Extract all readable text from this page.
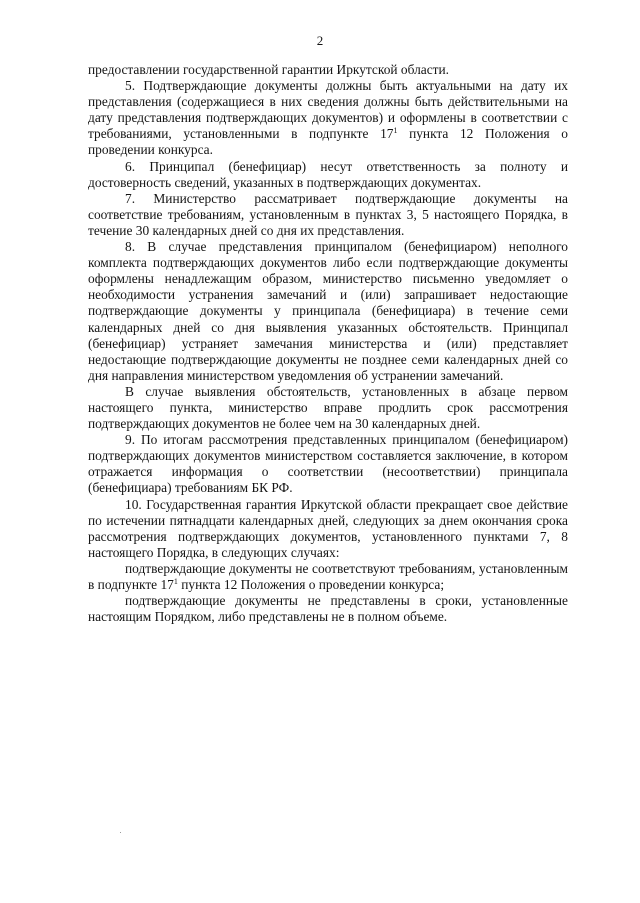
2

предоставлении государственной гарантии Иркутской области.

5. Подтверждающие документы должны быть актуальными на дату их представления (содержащиеся в них сведения должны быть действительными на дату представления подтверждающих документов) и оформлены в соответствии с требованиями, установленными в подпункте $17^1$ пункта 12 Положения о проведении конкурса.

6. Принципал (бенефициар) несут ответственность за полноту и достоверность сведений, указанных в подтверждающих документах.

7. Министерство рассматривает подтверждающие документы на соответствие требованиям, установленным в пунктах 3, 5 настоящего Порядка, в течение 30 календарных дней со дня их представления.

8. В случае представления принципалом (бенефициаром) неполного комплекта подтверждающих документов либо если подтверждающие документы оформлены ненадлежащим образом, министерство письменно уведомляет о необходимости устранения замечаний и (или) запрашивает недостающие подтверждающие документы у принципала (бенефициара) в течение семи календарных дней со дня выявления указанных обстоятельств. Принципал (бенефициар) устраняет замечания министерства и (или) представляет недостающие подтверждающие документы не позднее семи календарных дней со дня направления министерством уведомления об устранении замечаний.

В случае выявления обстоятельств, установленных в абзаце первом настоящего пункта, министерство вправе продлить срок рассмотрения подтверждающих документов не более чем на 30 календарных дней.

9. По итогам рассмотрения представленных принципалом (бенефициаром) подтверждающих документов министерством составляется заключение, в котором отражается информация о соответствии (несоответствии) принципала (бенефициара) требованиям БК РФ.

10. Государственная гарантия Иркутской области прекращает свое действие по истечении пятнадцати календарных дней, следующих за днем окончания срока рассмотрения подтверждающих документов, установленного пунктами 7, 8 настоящего Порядка, в следующих случаях:

подтверждающие документы не соответствуют требованиям, установленным в подпункте $17^1$ пункта 12 Положения о проведении конкурса;

подтверждающие документы не представлены в сроки, установленные настоящим Порядком, либо представлены не в полном объеме.
